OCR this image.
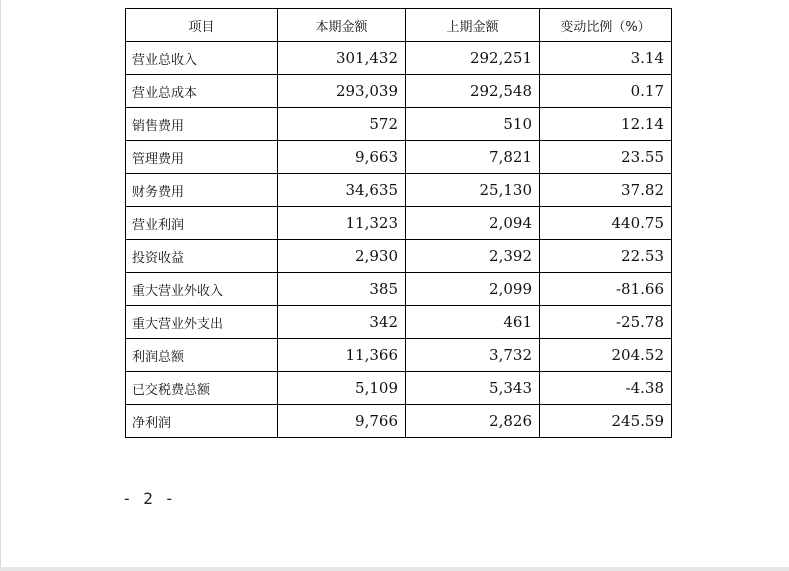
项目	本期金额	上期金额	变动比例（%）
营业总收入	301,432	292,251	3.14
营业总成本	293,039	292,548	0.17
销售费用	572	510	12.14
管理费用	9,663	7,821	23.55
财务费用	34,635	25,130	37.82
营业利润	11,323	2,094	440.75
投资收益	2,930	2,392	22.53
重大营业外收入	385	2,099	-81.66
重大营业外支出	342	461	-25.78
利润总额	11,366	3,732	204.52
已交税费总额	5,109	5,343	-4.38
净利润	9,766	2,826	245.59
- 2 -
